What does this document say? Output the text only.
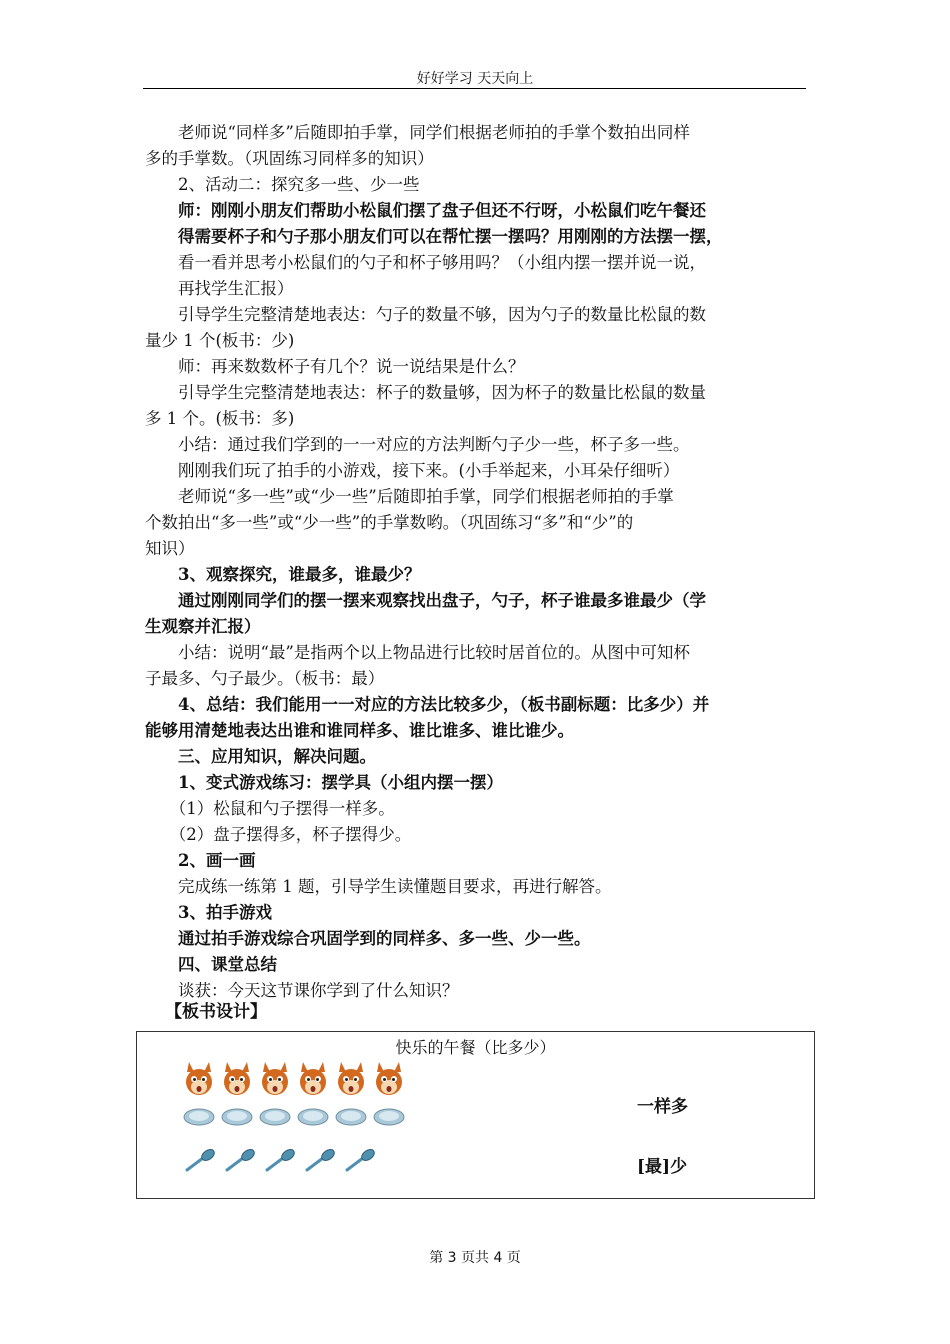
好好学习 天天向上
　　老师说“同样多”后随即拍手掌，同学们根据老师拍的手掌个数拍出同样
多的手掌数。（巩固练习同样多的知识）
　　2、活动二：探究多一些、少一些
　　师：刚刚小朋友们帮助小松鼠们摆了盘子但还不行呀，小松鼠们吃午餐还
　　得需要杯子和勺子那小朋友们可以在帮忙摆一摆吗？用刚刚的方法摆一摆，
　　看一看并思考小松鼠们的勺子和杯子够用吗？（小组内摆一摆并说一说，
　　再找学生汇报）
　　引导学生完整清楚地表达：勺子的数量不够，因为勺子的数量比松鼠的数
量少 1 个(板书：少)
　　师：再来数数杯子有几个？说一说结果是什么？
　　引导学生完整清楚地表达：杯子的数量够，因为杯子的数量比松鼠的数量
多 1 个。(板书：多)
　　小结：通过我们学到的一一对应的方法判断勺子少一些，杯子多一些。
　　刚刚我们玩了拍手的小游戏，接下来。(小手举起来，小耳朵仔细听）
　　老师说“多一些”或“少一些”后随即拍手掌，同学们根据老师拍的手掌
个数拍出“多一些”或“少一些”的手掌数哟。（巩固练习“多”和“少”的
知识）
　　3、观察探究，谁最多，谁最少？
　　通过刚刚同学们的摆一摆来观察找出盘子，勺子，杯子谁最多谁最少（学
生观察并汇报）
　　小结：说明“最”是指两个以上物品进行比较时居首位的。从图中可知杯
子最多、勺子最少。（板书：最）
　　4、总结：我们能用一一对应的方法比较多少，（板书副标题：比多少）并
能够用清楚地表达出谁和谁同样多、谁比谁多、谁比谁少。
　　三、应用知识，解决问题。
　　1、变式游戏练习：摆学具（小组内摆一摆）
　　（1）松鼠和勺子摆得一样多。
　　（2）盘子摆得多，杯子摆得少。
　　2、画一画
　　完成练一练第 1 题，引导学生读懂题目要求，再进行解答。
　　3、拍手游戏
　　通过拍手游戏综合巩固学到的同样多、多一些、少一些。
　　四、课堂总结
　　谈获：今天这节课你学到了什么知识？
【板书设计】
快乐的午餐（比多少）
一样多
[最]少
第 3 页共 4 页
